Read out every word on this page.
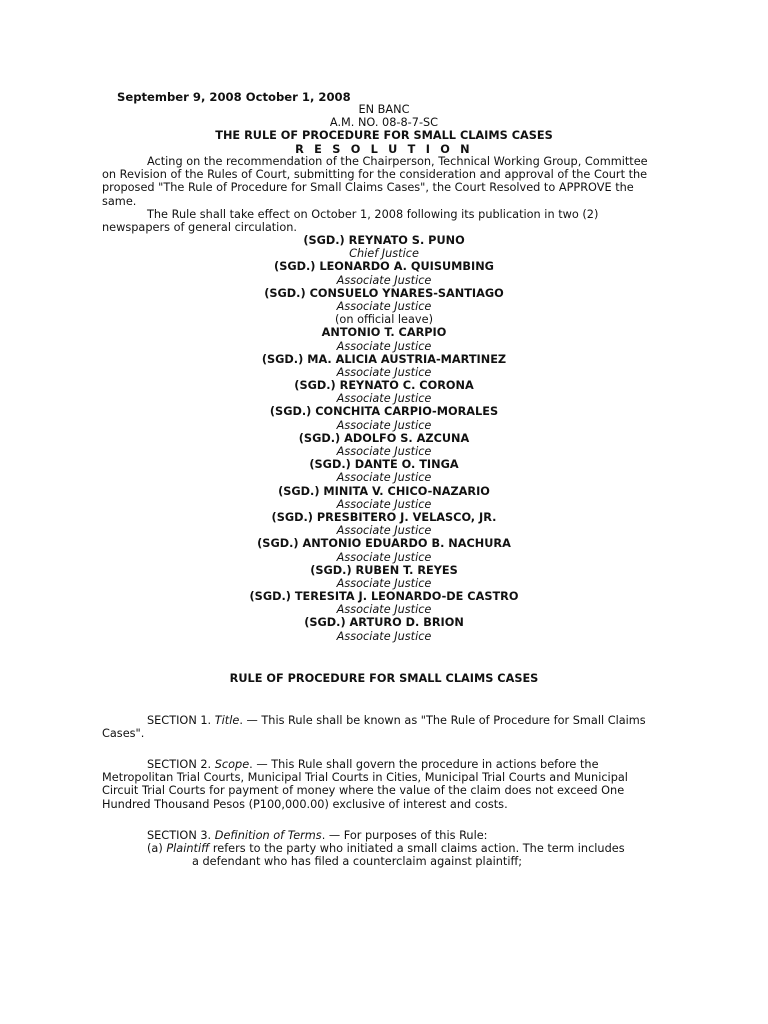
September 9, 2008 October 1, 2008
EN BANC
A.M. NO. 08-8-7-SC
THE RULE OF PROCEDURE FOR SMALL CLAIMS CASES
R E S O L U T I O N
Acting on the recommendation of the Chairperson, Technical Working Group, Committee on Revision of the Rules of Court, submitting for the consideration and approval of the Court the proposed "The Rule of Procedure for Small Claims Cases", the Court Resolved to APPROVE the same.
The Rule shall take effect on October 1, 2008 following its publication in two (2) newspapers of general circulation.
(SGD.) REYNATO S. PUNO
Chief Justice
(SGD.) LEONARDO A. QUISUMBING
Associate Justice
(SGD.) CONSUELO YNARES-SANTIAGO
Associate Justice
(on official leave)
ANTONIO T. CARPIO
Associate Justice
(SGD.) MA. ALICIA AUSTRIA-MARTINEZ
Associate Justice
(SGD.) REYNATO C. CORONA
Associate Justice
(SGD.) CONCHITA CARPIO-MORALES
Associate Justice
(SGD.) ADOLFO S. AZCUNA
Associate Justice
(SGD.) DANTE O. TINGA
Associate Justice
(SGD.) MINITA V. CHICO-NAZARIO
Associate Justice
(SGD.) PRESBITERO J. VELASCO, JR.
Associate Justice
(SGD.) ANTONIO EDUARDO B. NACHURA
Associate Justice
(SGD.) RUBEN T. REYES
Associate Justice
(SGD.) TERESITA J. LEONARDO-DE CASTRO
Associate Justice
(SGD.) ARTURO D. BRION
Associate Justice
RULE OF PROCEDURE FOR SMALL CLAIMS CASES
SECTION 1. Title. — This Rule shall be known as "The Rule of Procedure for Small Claims Cases".
SECTION 2. Scope. — This Rule shall govern the procedure in actions before the Metropolitan Trial Courts, Municipal Trial Courts in Cities, Municipal Trial Courts and Municipal Circuit Trial Courts for payment of money where the value of the claim does not exceed One Hundred Thousand Pesos (P100,000.00) exclusive of interest and costs.
SECTION 3. Definition of Terms. — For purposes of this Rule:
(a) Plaintiff refers to the party who initiated a small claims action. The term includes
a defendant who has filed a counterclaim against plaintiff;
